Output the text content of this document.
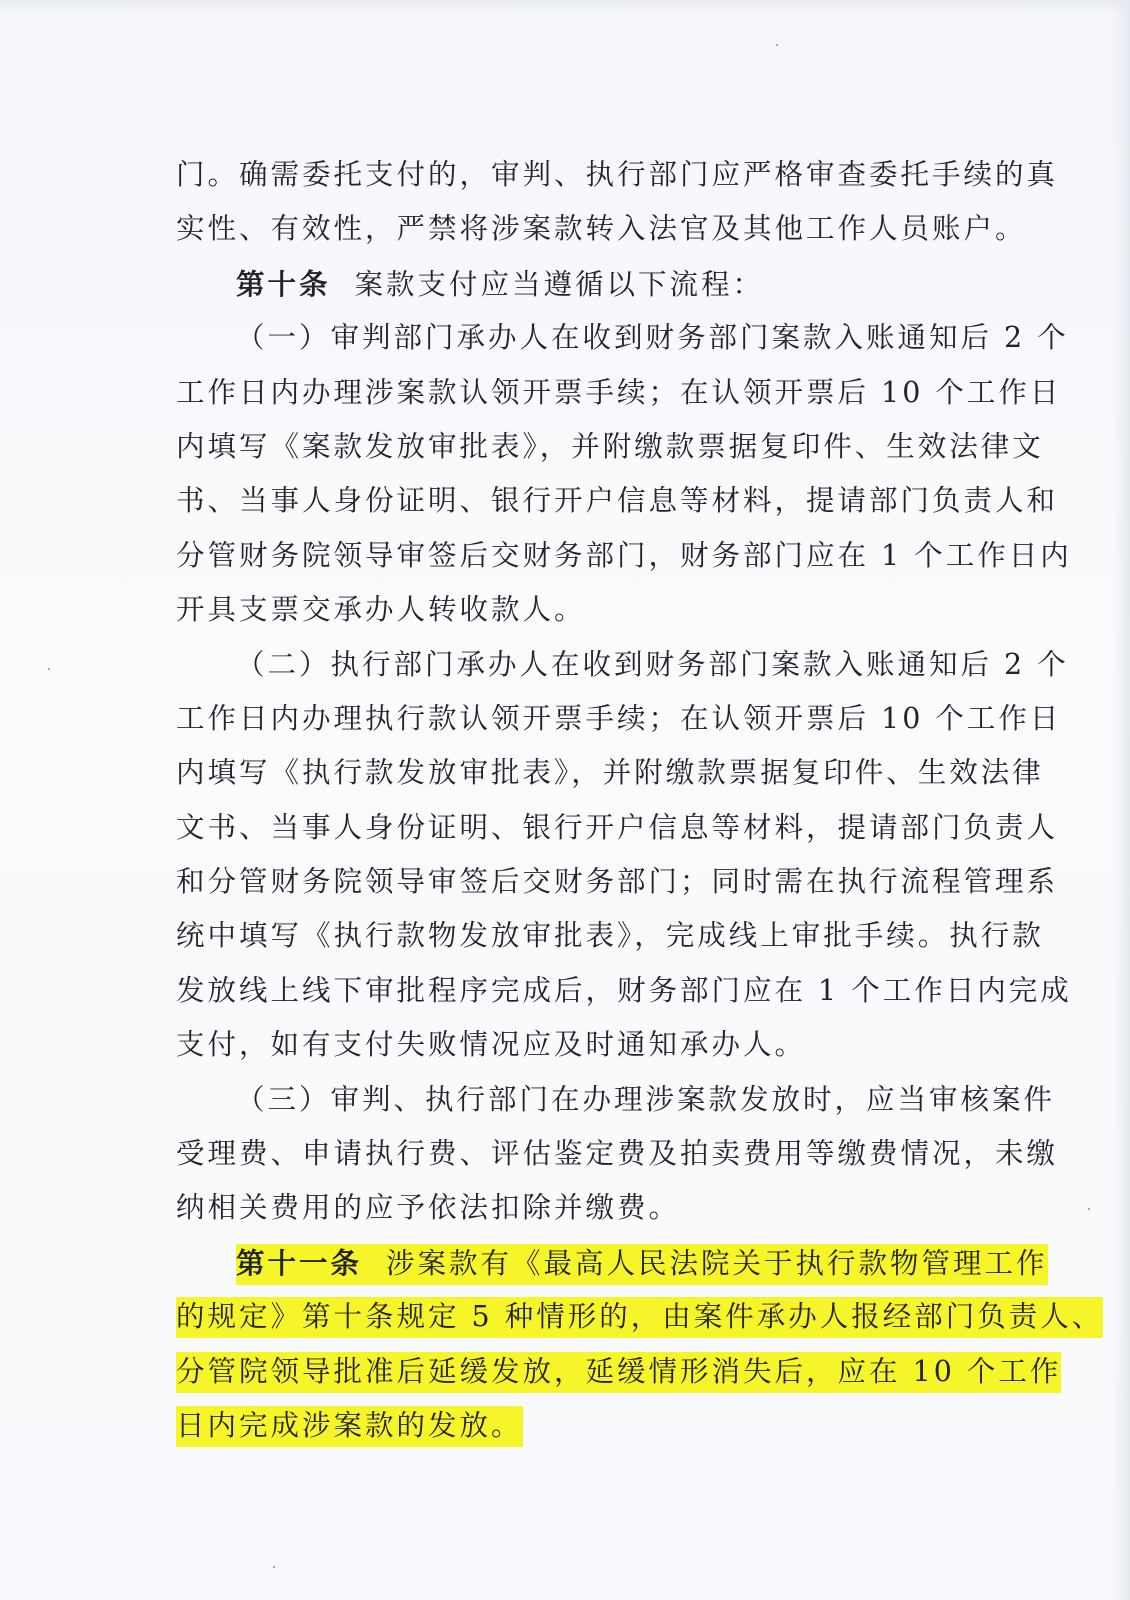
门。确需委托支付的，审判、执行部门应严格审查委托手续的真
实性、有效性，严禁将涉案款转入法官及其他工作人员账户。
第十条 案款支付应当遵循以下流程：
（一）审判部门承办人在收到财务部门案款入账通知后 2 个
工作日内办理涉案款认领开票手续；在认领开票后 10 个工作日
内填写《案款发放审批表》，并附缴款票据复印件、生效法律文
书、当事人身份证明、银行开户信息等材料，提请部门负责人和
分管财务院领导审签后交财务部门，财务部门应在 1 个工作日内
开具支票交承办人转收款人。
（二）执行部门承办人在收到财务部门案款入账通知后 2 个
工作日内办理执行款认领开票手续；在认领开票后 10 个工作日
内填写《执行款发放审批表》，并附缴款票据复印件、生效法律
文书、当事人身份证明、银行开户信息等材料，提请部门负责人
和分管财务院领导审签后交财务部门；同时需在执行流程管理系
统中填写《执行款物发放审批表》，完成线上审批手续。执行款
发放线上线下审批程序完成后，财务部门应在 1 个工作日内完成
支付，如有支付失败情况应及时通知承办人。
（三）审判、执行部门在办理涉案款发放时，应当审核案件
受理费、申请执行费、评估鉴定费及拍卖费用等缴费情况，未缴
纳相关费用的应予依法扣除并缴费。
第十一条 涉案款有《最高人民法院关于执行款物管理工作
的规定》第十条规定 5 种情形的，由案件承办人报经部门负责人、
分管院领导批准后延缓发放，延缓情形消失后，应在 10 个工作
日内完成涉案款的发放。
